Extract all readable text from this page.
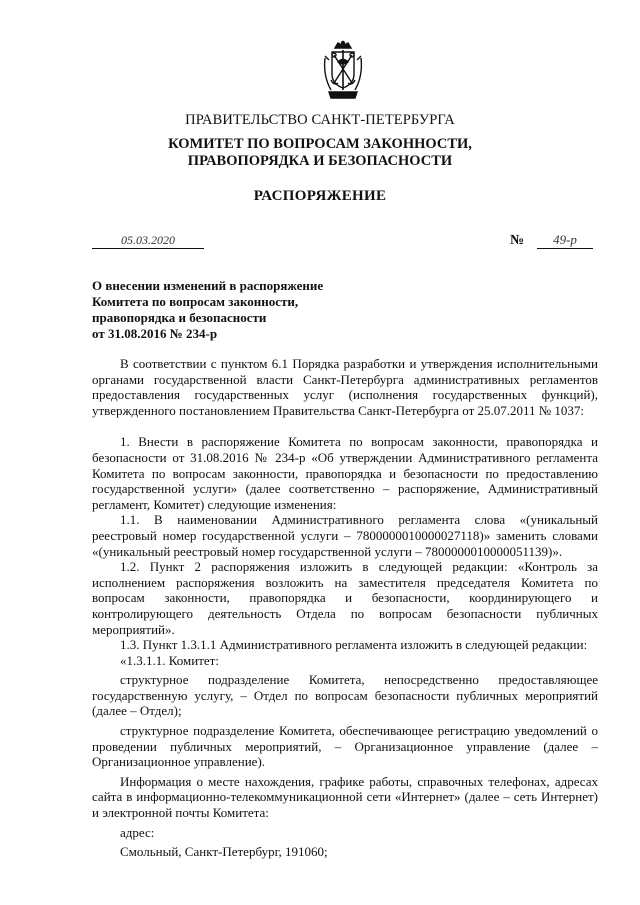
ПРАВИТЕЛЬСТВО САНКТ-ПЕТЕРБУРГА
КОМИТЕТ ПО ВОПРОСАМ ЗАКОННОСТИ,
ПРАВОПОРЯДКА И БЕЗОПАСНОСТИ
РАСПОРЯЖЕНИЕ
05.03.2020	№	49-р
О внесении изменений в распоряжение
Комитета по вопросам законности,
правопорядка и безопасности
от 31.08.2016 № 234-р

В соответствии с пунктом 6.1 Порядка разработки и утверждения исполнительными органами государственной власти Санкт-Петербурга административных регламентов предоставления государственных услуг (исполнения государственных функций), утвержденного постановлением Правительства Санкт-Петербурга от 25.07.2011 № 1037:

1. Внести в распоряжение Комитета по вопросам законности, правопорядка и безопасности от 31.08.2016 № 234-р «Об утверждении Административного регламента Комитета по вопросам законности, правопорядка и безопасности по предоставлению государственной услуги» (далее соответственно – распоряжение, Административный регламент, Комитет) следующие изменения:

1.1. В наименовании Административного регламента слова «(уникальный реестровый номер государственной услуги – 7800000010000027118)» заменить словами «(уникальный реестровый номер государственной услуги – 7800000010000051139)».

1.2. Пункт 2 распоряжения изложить в следующей редакции: «Контроль за исполнением распоряжения возложить на заместителя председателя Комитета по вопросам законности, правопорядка и безопасности, координирующего и контролирующего деятельность Отдела по вопросам безопасности публичных мероприятий».

1.3. Пункт 1.3.1.1 Административного регламента изложить в следующей редакции:

«1.3.1.1. Комитет:

структурное подразделение Комитета, непосредственно предоставляющее государственную услугу, – Отдел по вопросам безопасности публичных мероприятий (далее – Отдел);

структурное подразделение Комитета, обеспечивающее регистрацию уведомлений о проведении публичных мероприятий, – Организационное управление (далее – Организационное управление).

Информация о месте нахождения, графике работы, справочных телефонах, адресах сайта в информационно-телекоммуникационной сети «Интернет» (далее – сеть Интернет) и электронной почты Комитета:

адрес:

Смольный, Санкт-Петербург, 191060;
